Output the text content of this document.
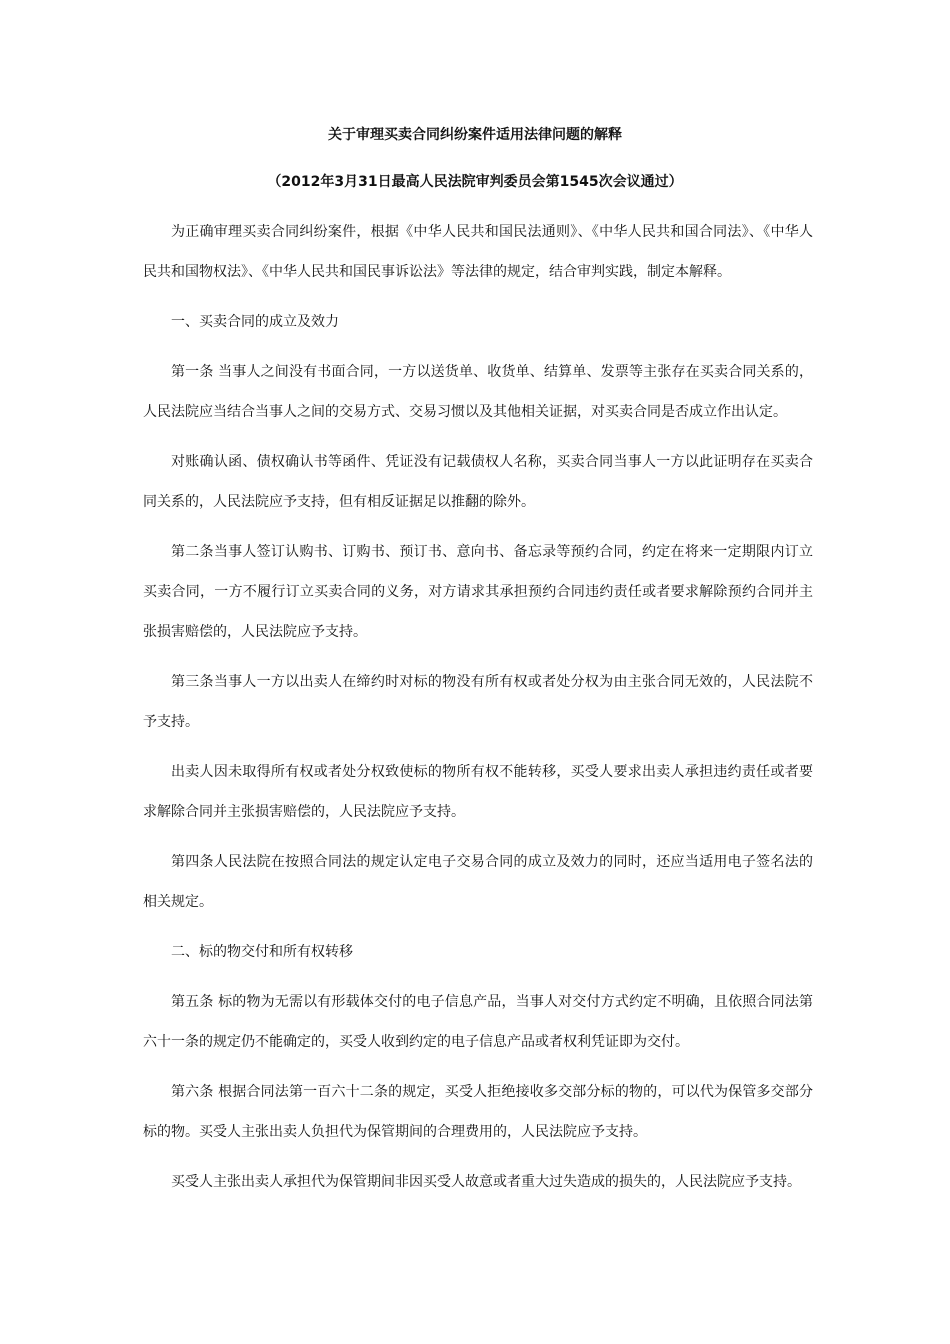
关于审理买卖合同纠纷案件适用法律问题的解释
（2012年3月31日最高人民法院审判委员会第1545次会议通过）

为正确审理买卖合同纠纷案件，根据《中华人民共和国民法通则》、《中华人民共和国合同法》、《中华人民共和国物权法》、《中华人民共和国民事诉讼法》等法律的规定，结合审判实践，制定本解释。

一、买卖合同的成立及效力

第一条 当事人之间没有书面合同，一方以送货单、收货单、结算单、发票等主张存在买卖合同关系的，人民法院应当结合当事人之间的交易方式、交易习惯以及其他相关证据，对买卖合同是否成立作出认定。

对账确认函、债权确认书等函件、凭证没有记载债权人名称，买卖合同当事人一方以此证明存在买卖合同关系的，人民法院应予支持，但有相反证据足以推翻的除外。

第二条当事人签订认购书、订购书、预订书、意向书、备忘录等预约合同，约定在将来一定期限内订立买卖合同，一方不履行订立买卖合同的义务，对方请求其承担预约合同违约责任或者要求解除预约合同并主张损害赔偿的，人民法院应予支持。

第三条当事人一方以出卖人在缔约时对标的物没有所有权或者处分权为由主张合同无效的，人民法院不予支持。

出卖人因未取得所有权或者处分权致使标的物所有权不能转移，买受人要求出卖人承担违约责任或者要求解除合同并主张损害赔偿的，人民法院应予支持。

第四条人民法院在按照合同法的规定认定电子交易合同的成立及效力的同时，还应当适用电子签名法的相关规定。

二、标的物交付和所有权转移

第五条 标的物为无需以有形载体交付的电子信息产品，当事人对交付方式约定不明确，且依照合同法第六十一条的规定仍不能确定的，买受人收到约定的电子信息产品或者权利凭证即为交付。

第六条 根据合同法第一百六十二条的规定，买受人拒绝接收多交部分标的物的，可以代为保管多交部分标的物。买受人主张出卖人负担代为保管期间的合理费用的，人民法院应予支持。

买受人主张出卖人承担代为保管期间非因买受人故意或者重大过失造成的损失的，人民法院应予支持。
